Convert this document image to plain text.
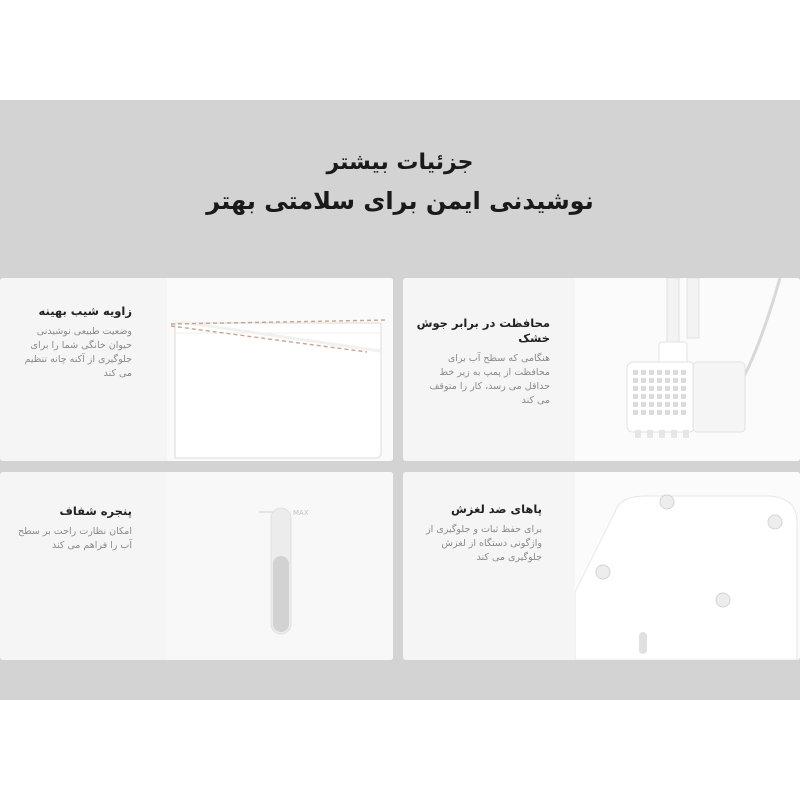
جزئیات بیشتر
نوشیدنی ایمن برای سلامتی بهتر
زاویه شیب بهینه
وضعیت طبیعی نوشیدنی حیوان خانگی شما را برای جلوگیری از آکنه چانه تنظیم می کند
محافظت در برابر جوش خشک
هنگامی که سطح آب برای محافظت از پمپ به زیر خط حداقل می رسد، کار را متوقف می کند
MAX
پنجره شفاف
امکان نظارت راحت بر سطح آب را فراهم می کند
پاهای ضد لغزش
برای حفظ ثبات و جلوگیری از واژگونی دستگاه از لغزش جلوگیری می کند
